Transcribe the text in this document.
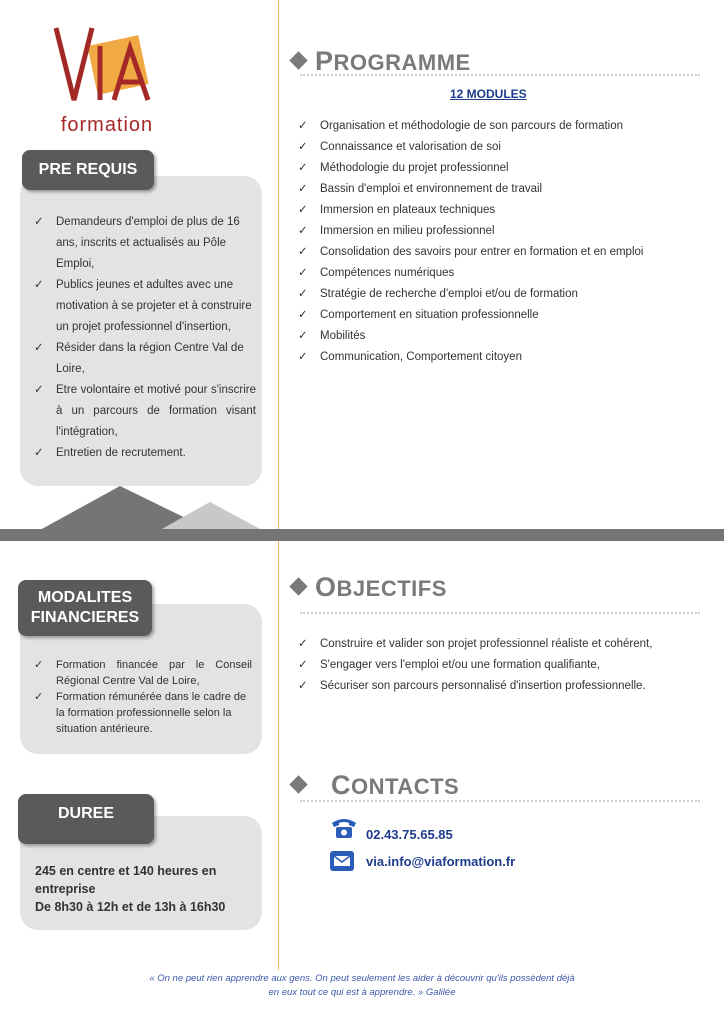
formation
PRE REQUIS
✓ Demandeurs d'emploi de plus de 16 ans, inscrits et actualisés au Pôle Emploi,
✓ Publics jeunes et adultes avec une motivation à se projeter et à construire un projet professionnel d'insertion,
✓ Résider dans la région Centre Val de Loire,
✓ Etre volontaire et motivé pour s'inscrire à un parcours de formation visant l'intégration,
✓ Entretien de recrutement.
MODALITES
FINANCIERES
✓ Formation financée par le Conseil Régional Centre Val de Loire,
✓ Formation rémunérée dans le cadre de la formation professionnelle selon la situation antérieure.
DUREE
245 en centre et 140 heures en entreprise
De 8h30 à 12h et de 13h à 16h30
PROGRAMME
12 MODULES
✓ Organisation et méthodologie de son parcours de formation
✓ Connaissance et valorisation de soi
✓ Méthodologie du projet professionnel
✓ Bassin d'emploi et environnement de travail
✓ Immersion en plateaux techniques
✓ Immersion en milieu professionnel
✓ Consolidation des savoirs pour entrer en formation et en emploi
✓ Compétences numériques
✓ Stratégie de recherche d'emploi et/ou de formation
✓ Comportement en situation professionnelle
✓ Mobilités
✓ Communication, Comportement citoyen
OBJECTIFS
✓ Construire et valider son projet professionnel réaliste et cohérent,
✓ S'engager vers l'emploi et/ou une formation qualifiante,
✓ Sécuriser son parcours personnalisé d'insertion professionnelle.
CONTACTS
02.43.75.65.85
via.info@viaformation.fr
« On ne peut rien apprendre aux gens. On peut seulement les aider à découvrir qu'ils possèdent déjà
en eux tout ce qui est à apprendre. » Galilée
